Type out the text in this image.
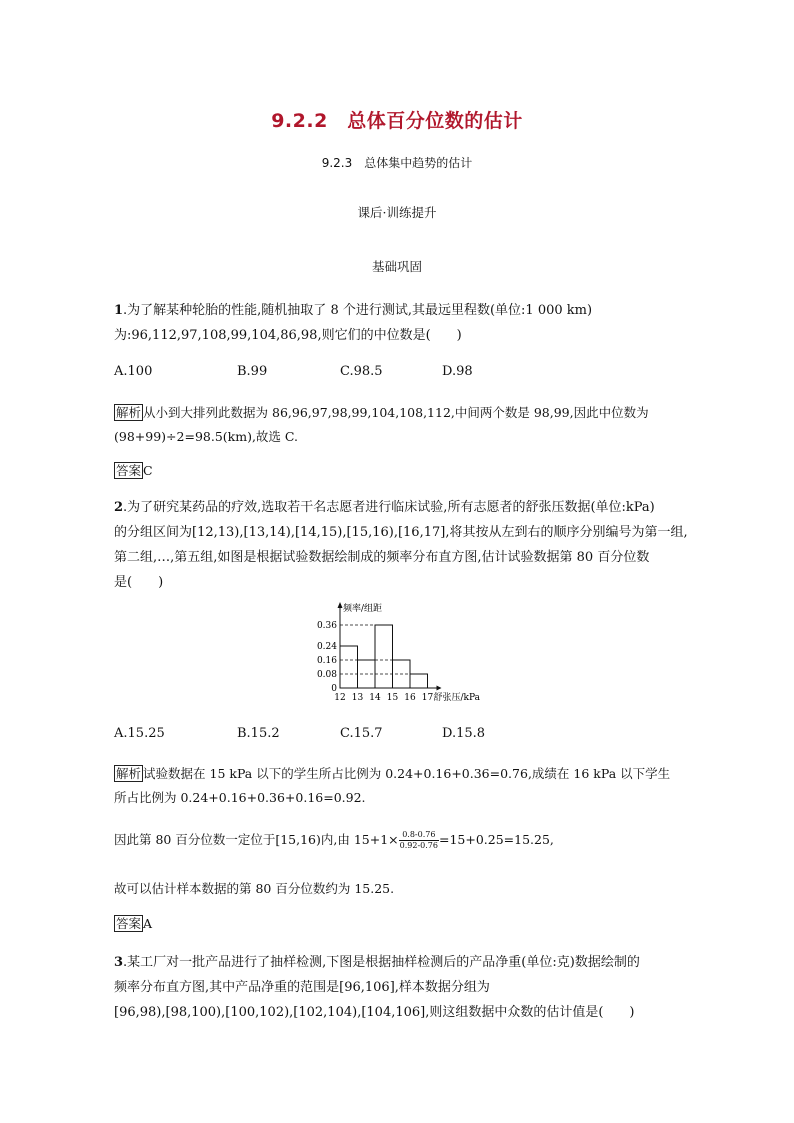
9.2.2　总体百分位数的估计
9.2.3　总体集中趋势的估计
课后·训练提升
基础巩固
1.为了解某种轮胎的性能,随机抽取了 8 个进行测试,其最远里程数(单位:1 000 km)
为:96,112,97,108,99,104,86,98,则它们的中位数是(　　)
A.100	B.99	C.98.5	D.98
解析 从小到大排列此数据为 86,96,97,98,99,104,108,112,中间两个数是 98,99,因此中位数为
(98+99)÷2=98.5(km),故选 C.
答案 C
2.为了研究某药品的疗效,选取若干名志愿者进行临床试验,所有志愿者的舒张压数据(单位:kPa)
的分组区间为[12,13),[13,14),[14,15),[15,16),[16,17],将其按从左到右的顺序分别编号为第一组,
第二组,…,第五组,如图是根据试验数据绘制成的频率分布直方图,估计试验数据第 80 百分位数
是(　　)
0
0.08
0.16
0.24
0.36
12 13 14 15 16 17
频率/组距
舒张压/kPa
A.15.25	B.15.2	C.15.7	D.15.8
解析 试验数据在 15 kPa 以下的学生所占比例为 0.24+0.16+0.36=0.76,成绩在 16 kPa 以下学生
所占比例为 0.24+0.16+0.36+0.16=0.92.
因此第 80 百分位数一定位于[15,16)内,由 $15+1\times \frac{0.8-0.76}{0.92-0.76} =15+0.25=15.25$,
故可以估计样本数据的第 80 百分位数约为 15.25.
答案 A
3.某工厂对一批产品进行了抽样检测,下图是根据抽样检测后的产品净重(单位:克)数据绘制的
频率分布直方图,其中产品净重的范围是[96,106],样本数据分组为
[96,98),[98,100),[100,102),[102,104),[104,106],则这组数据中众数的估计值是(　　)
